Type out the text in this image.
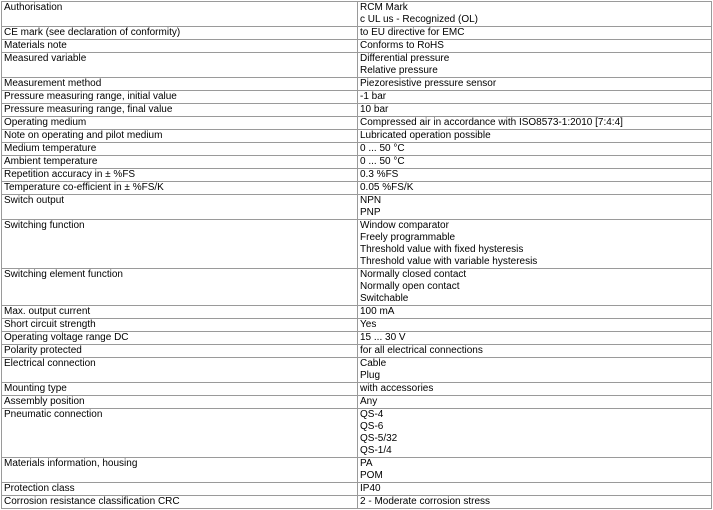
Authorisation	RCM Mark
c UL us - Recognized (OL)

CE mark (see declaration of conformity)	to EU directive for EMC

Materials note	Conforms to RoHS

Measured variable	Differential pressure
Relative pressure

Measurement method	Piezoresistive pressure sensor

Pressure measuring range, initial value	-1 bar

Pressure measuring range, final value	10 bar

Operating medium	Compressed air in accordance with ISO8573-1:2010 [7:4:4]

Note on operating and pilot medium	Lubricated operation possible

Medium temperature	0 ... 50 °C

Ambient temperature	0 ... 50 °C

Repetition accuracy in ± %FS	0.3 %FS

Temperature co-efficient in ± %FS/K	0.05 %FS/K

Switch output	NPN
PNP

Switching function	Window comparator
Freely programmable
Threshold value with fixed hysteresis
Threshold value with variable hysteresis

Switching element function	Normally closed contact
Normally open contact
Switchable

Max. output current	100 mA

Short circuit strength	Yes

Operating voltage range DC	15 ... 30 V

Polarity protected	for all electrical connections

Electrical connection	Cable
Plug

Mounting type	with accessories

Assembly position	Any

Pneumatic connection	QS-4
QS-6
QS-5/32
QS-1/4

Materials information, housing	PA
POM

Protection class	IP40

Corrosion resistance classification CRC	2 - Moderate corrosion stress
